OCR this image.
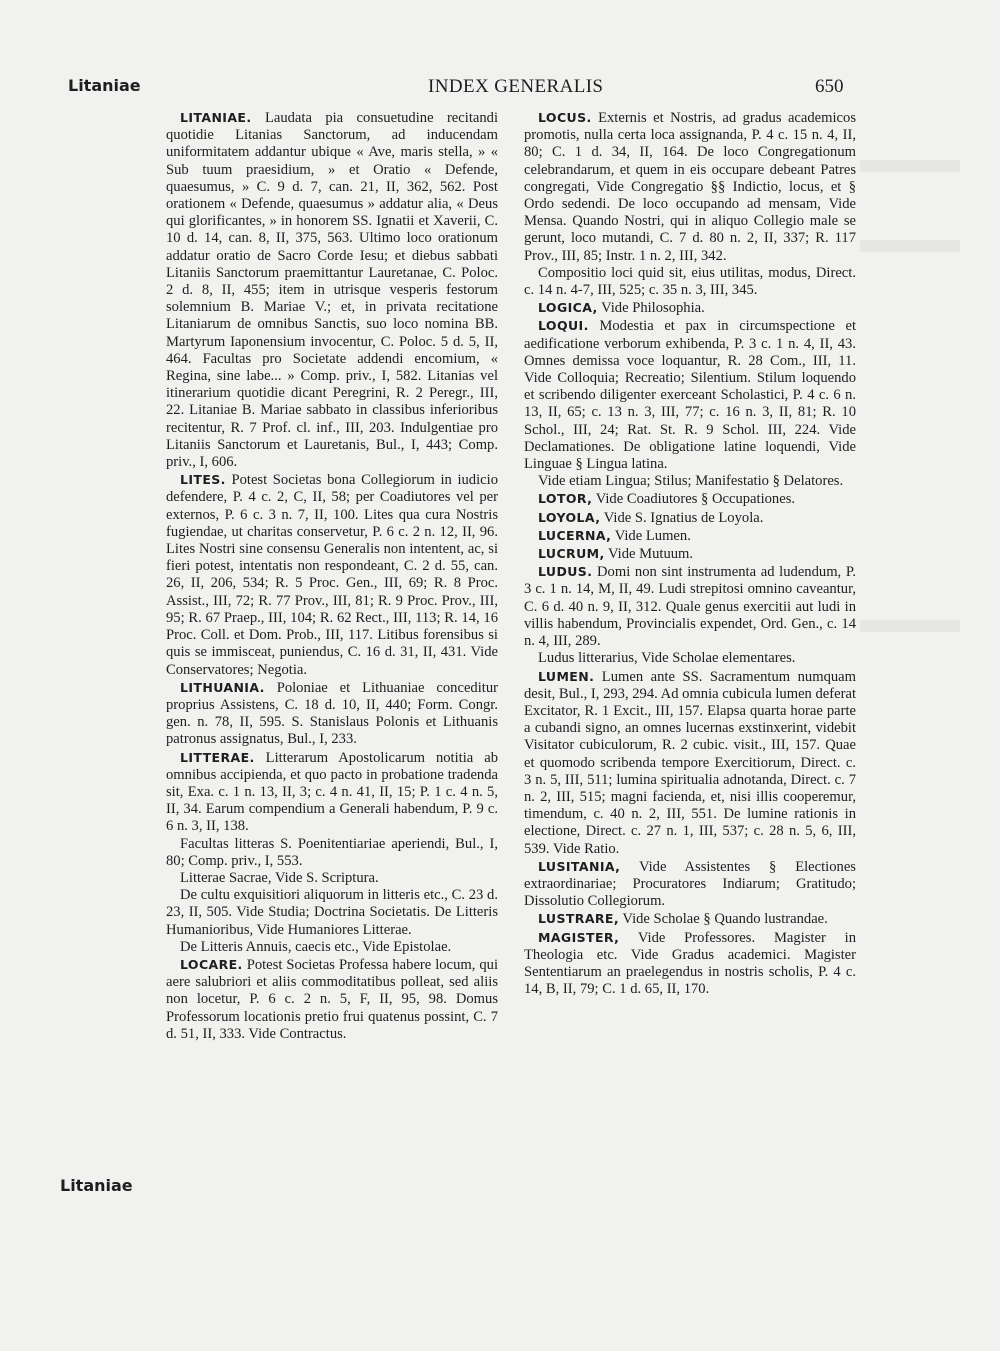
Litaniae	INDEX GENERALIS	650

LITANIAE. Laudata pia consuetudine recitandi quotidie Litanias Sanctorum, ad inducendam uniformitatem addantur ubique « Ave, maris stella, » « Sub tuum praesidium, » et Oratio « Defende, quaesumus, » C. 9 d. 7, can. 21, II, 362, 562. Post orationem « Defende, quaesumus » addatur alia, « Deus qui glorificantes, » in honorem SS. Ignatii et Xaverii, C. 10 d. 14, can. 8, II, 375, 563. Ultimo loco orationum addatur oratio de Sacro Corde Iesu; et diebus sabbati Litaniis Sanctorum praemittantur Lauretanae, C. Poloc. 2 d. 8, II, 455; item in utrisque vesperis festorum solemnium B. Mariae V.; et, in privata recitatione Litaniarum de omnibus Sanctis, suo loco nomina BB. Martyrum Iaponensium invocentur, C. Poloc. 5 d. 5, II, 464. Facultas pro Societate addendi encomium, « Regina, sine labe... » Comp. priv., I, 582. Litanias vel itinerarium quotidie dicant Peregrini, R. 2 Peregr., III, 22. Litaniae B. Mariae sabbato in classibus inferioribus recitentur, R. 7 Prof. cl. inf., III, 203. Indulgentiae pro Litaniis Sanctorum et Lauretanis, Bul., I, 443; Comp. priv., I, 606.

LITES. Potest Societas bona Collegiorum in iudicio defendere, P. 4 c. 2, C, II, 58; per Coadiutores vel per externos, P. 6 c. 3 n. 7, II, 100. Lites qua cura Nostris fugiendae, ut charitas conservetur, P. 6 c. 2 n. 12, II, 96. Lites Nostri sine consensu Generalis non intentent, ac, si fieri potest, intentatis non respondeant, C. 2 d. 55, can. 26, II, 206, 534; R. 5 Proc. Gen., III, 69; R. 8 Proc. Assist., III, 72; R. 77 Prov., III, 81; R. 9 Proc. Prov., III, 95; R. 67 Praep., III, 104; R. 62 Rect., III, 113; R. 14, 16 Proc. Coll. et Dom. Prob., III, 117. Litibus forensibus si quis se immisceat, puniendus, C. 16 d. 31, II, 431. Vide Conservatores; Negotia.

LITHUANIA. Poloniae et Lithuaniae conceditur proprius Assistens, C. 18 d. 10, II, 440; Form. Congr. gen. n. 78, II, 595. S. Stanislaus Polonis et Lithuanis patronus assignatus, Bul., I, 233.

LITTERAE. Litterarum Apostolicarum notitia ab omnibus accipienda, et quo pacto in probatione tradenda sit, Exa. c. 1 n. 13, II, 3; c. 4 n. 41, II, 15; P. 1 c. 4 n. 5, II, 34. Earum compendium a Generali habendum, P. 9 c. 6 n. 3, II, 138.

Facultas litteras S. Poenitentiariae aperiendi, Bul., I, 80; Comp. priv., I, 553.

Litterae Sacrae, Vide S. Scriptura.

De cultu exquisitiori aliquorum in litteris etc., C. 23 d. 23, II, 505. Vide Studia; Doctrina Societatis. De Litteris Humanioribus, Vide Humaniores Litterae.

De Litteris Annuis, caecis etc., Vide Epistolae.

LOCARE. Potest Societas Professa habere locum, qui aere salubriori et aliis commoditatibus polleat, sed aliis non locetur, P. 6 c. 2 n. 5, F, II, 95, 98. Domus Professorum locationis pretio frui quatenus possint, C. 7 d. 51, II, 333. Vide Contractus.

LOCUS. Externis et Nostris, ad gradus academicos promotis, nulla certa loca assignanda, P. 4 c. 15 n. 4, II, 80; C. 1 d. 34, II, 164. De loco Congregationum celebrandarum, et quem in eis occupare debeant Patres congregati, Vide Congregatio §§ Indictio, locus, et § Ordo sedendi. De loco occupando ad mensam, Vide Mensa. Quando Nostri, qui in aliquo Collegio male se gerunt, loco mutandi, C. 7 d. 80 n. 2, II, 337; R. 117 Prov., III, 85; Instr. 1 n. 2, III, 342.

Compositio loci quid sit, eius utilitas, modus, Direct. c. 14 n. 4-7, III, 525; c. 35 n. 3, III, 345.

LOGICA, Vide Philosophia.

LOQUI. Modestia et pax in circumspectione et aedificatione verborum exhibenda, P. 3 c. 1 n. 4, II, 43. Omnes demissa voce loquantur, R. 28 Com., III, 11. Vide Colloquia; Recreatio; Silentium. Stilum loquendo et scribendo diligenter exerceant Scholastici, P. 4 c. 6 n. 13, II, 65; c. 13 n. 3, III, 77; c. 16 n. 3, II, 81; R. 10 Schol., III, 24; Rat. St. R. 9 Schol. III, 224. Vide Declamationes. De obligatione latine loquendi, Vide Linguae § Lingua latina.

Vide etiam Lingua; Stilus; Manifestatio § Delatores.

LOTOR, Vide Coadiutores § Occupationes.

LOYOLA, Vide S. Ignatius de Loyola.

LUCERNA, Vide Lumen.

LUCRUM, Vide Mutuum.

LUDUS. Domi non sint instrumenta ad ludendum, P. 3 c. 1 n. 14, M, II, 49. Ludi strepitosi omnino caveantur, C. 6 d. 40 n. 9, II, 312. Quale genus exercitii aut ludi in villis habendum, Provincialis expendet, Ord. Gen., c. 14 n. 4, III, 289.

Ludus litterarius, Vide Scholae elementares.

LUMEN. Lumen ante SS. Sacramentum numquam desit, Bul., I, 293, 294. Ad omnia cubicula lumen deferat Excitator, R. 1 Excit., III, 157. Elapsa quarta horae parte a cubandi signo, an omnes lucernas exstinxerint, videbit Visitator cubiculorum, R. 2 cubic. visit., III, 157. Quae et quomodo scribenda tempore Exercitiorum, Direct. c. 3 n. 5, III, 511; lumina spiritualia adnotanda, Direct. c. 7 n. 2, III, 515; magni facienda, et, nisi illis cooperemur, timendum, c. 40 n. 2, III, 551. De lumine rationis in electione, Direct. c. 27 n. 1, III, 537; c. 28 n. 5, 6, III, 539. Vide Ratio.

LUSITANIA, Vide Assistentes § Electiones extraordinariae; Procuratores Indiarum; Gratitudo; Dissolutio Collegiorum.

LUSTRARE, Vide Scholae § Quando lustrandae.

MAGISTER, Vide Professores. Magister in Theologia etc. Vide Gradus academici. Magister Sententiarum an praelegendus in nostris scholis, P. 4 c. 14, B, II, 79; C. 1 d. 65, II, 170.

Litaniae
